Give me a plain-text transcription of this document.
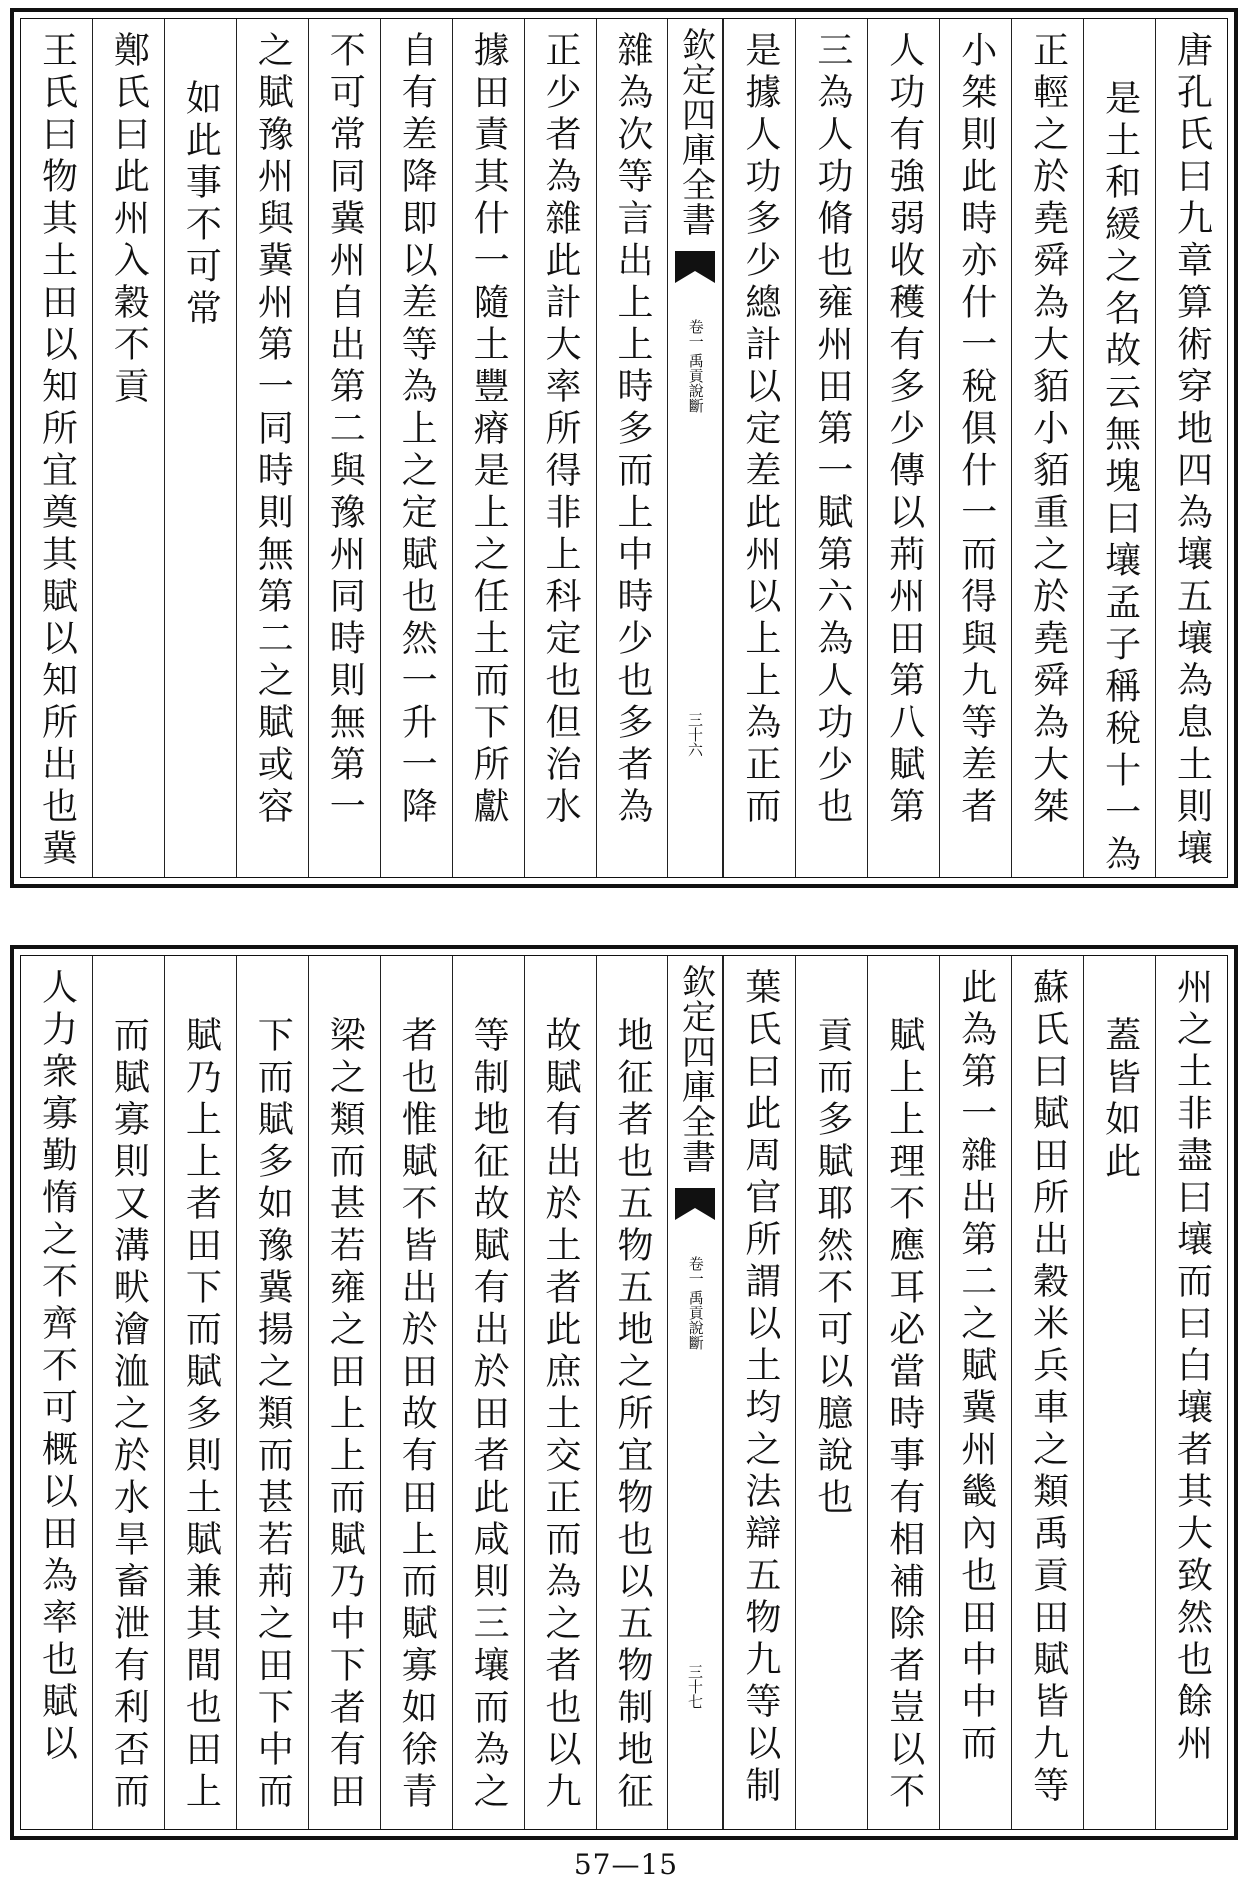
唐孔氏曰九章算術穿地四為壤五壤為息土則壤
是土和緩之名故云無塊曰壤孟子稱稅十一為
正輕之於堯舜為大貊小貊重之於堯舜為大桀
小桀則此時亦什一稅俱什一而得與九等差者
人功有強弱收穫有多少傳以荊州田第八賦第
三為人功脩也雍州田第一賦第六為人功少也
是據人功多少總計以定差此州以上上為正而
欽定四庫全書
禹貢說斷
卷一
三十六
雜為次等言出上上時多而上中時少也多者為
正少者為雜此計大率所得非上科定也但治水
據田責其什一隨土豐瘠是上之任土而下所獻
自有差降即以差等為上之定賦也然一升一降
不可常同冀州自出第二與豫州同時則無第一
之賦豫州與冀州第一同時則無第二之賦或容
如此事不可常
鄭氏曰此州入穀不貢
王氏曰物其土田以知所宜奠其賦以知所出也冀
州之土非盡曰壤而曰白壤者其大致然也餘州
蓋皆如此
蘇氏曰賦田所出穀米兵車之類禹貢田賦皆九等
此為第一雜出第二之賦冀州畿內也田中中而
賦上上理不應耳必當時事有相補除者豈以不
貢而多賦耶然不可以臆說也
葉氏曰此周官所謂以土均之法辯五物九等以制
欽定四庫全書
禹貢說斷
卷一
三十七
地征者也五物五地之所宜物也以五物制地征
故賦有出於土者此庶土交正而為之者也以九
等制地征故賦有出於田者此咸則三壤而為之
者也惟賦不皆出於田故有田上而賦寡如徐青
梁之類而甚若雍之田上上而賦乃中下者有田
下而賦多如豫冀揚之類而甚若荊之田下中而
賦乃上上者田下而賦多則土賦兼其間也田上
而賦寡則又溝畎澮洫之於水旱畜泄有利否而
人力衆寡勤惰之不齊不可概以田為率也賦以
57—15
